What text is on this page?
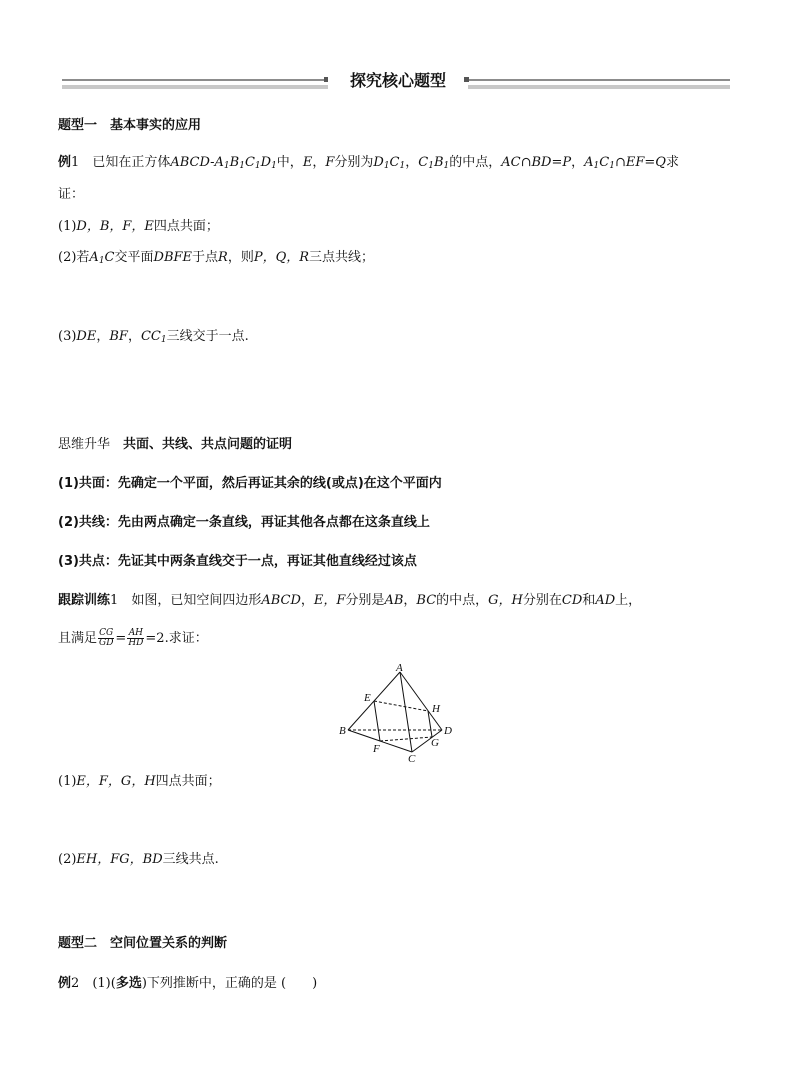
探究核心题型
题型一　基本事实的应用
例1　 已知在正方体ABCD-$A_1B_1C_1D_1$中，E，F分别为$D_1C_1$，$C_1B_1$的中点，AC∩BD=P，$A_1C_1\cap EF=Q$求
证：
(1)D，B，F，E四点共面；
(2)若$A_1C$交平面DBFE于点R，则P，Q，R三点共线；
(3)DE，BF，$CC_1$三线交于一点.
思维升华　 共面、共线、共点问题的证明
(1)共面：先确定一个平面，然后再证其余的线(或点)在这个平面内
(2)共线：先由两点确定一条直线，再证其他各点都在这条直线上
(3)共点：先证其中两条直线交于一点，再证其他直线经过该点
跟踪训练1　 如图，已知空间四边形ABCD，E，F分别是AB，BC的中点，G，H分别在CD和AD上，
且满足 $\frac{CG}{GD} = \frac{AH}{HD} =2$.求证：
A
B
C
D
E
F	G
H
(1)E，F，G，H四点共面；
(2)EH，FG，BD三线共点.
题型二　空间位置关系的判断
例2　 (1)(多选)下列推断中，正确的是 (　　)
